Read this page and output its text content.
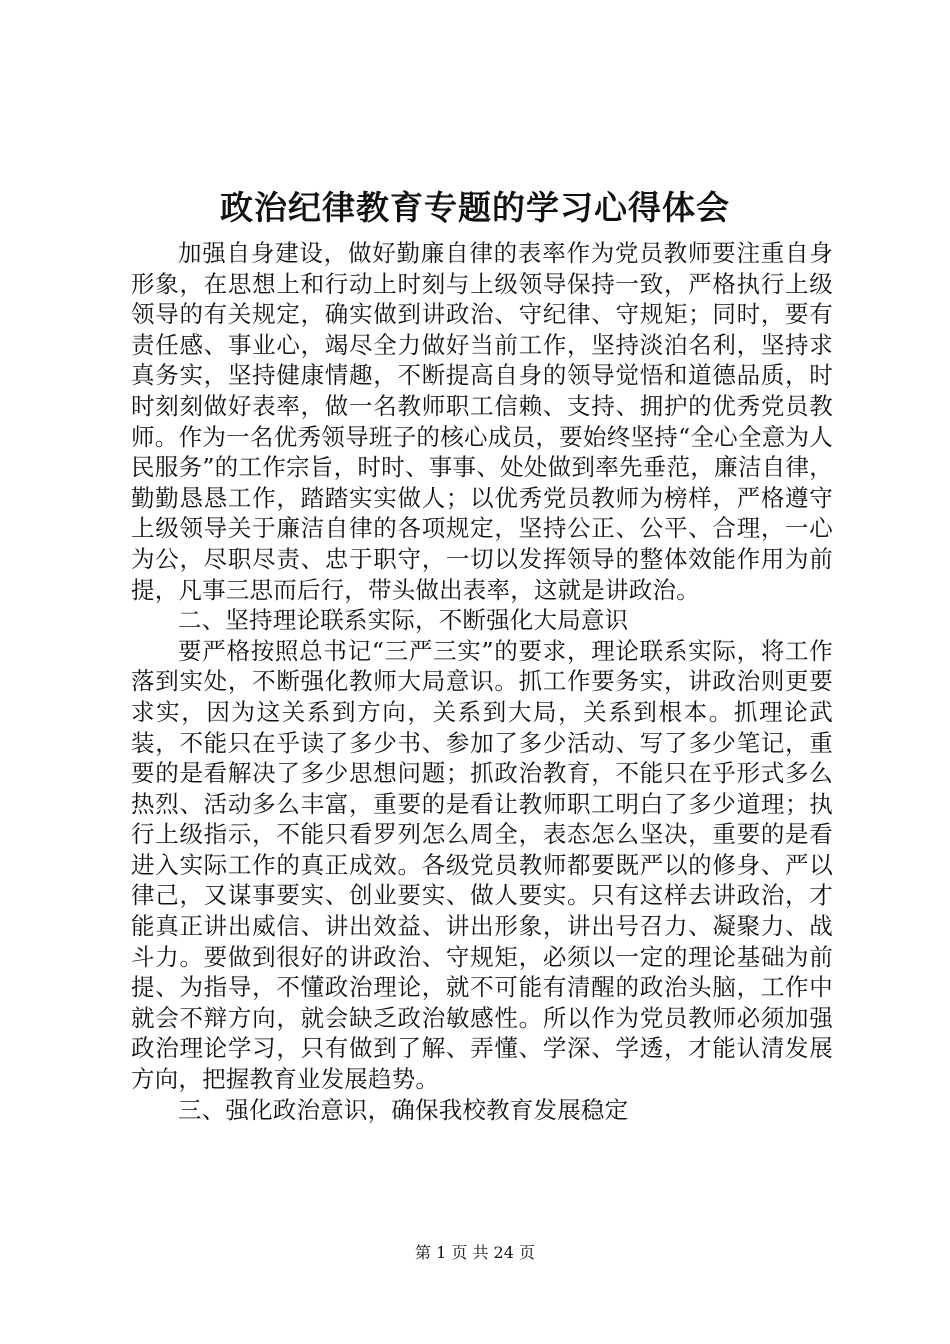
政治纪律教育专题的学习心得体会

加强自身建设，做好勤廉自律的表率作为党员教师要注重自身形象，在思想上和行动上时刻与上级领导保持一致，严格执行上级领导的有关规定，确实做到讲政治、守纪律、守规矩；同时，要有责任感、事业心，竭尽全力做好当前工作，坚持淡泊名利，坚持求真务实，坚持健康情趣，不断提高自身的领导觉悟和道德品质，时时刻刻做好表率，做一名教师职工信赖、支持、拥护的优秀党员教师。作为一名优秀领导班子的核心成员，要始终坚持“全心全意为人民服务”的工作宗旨，时时、事事、处处做到率先垂范，廉洁自律，勤勤恳恳工作，踏踏实实做人；以优秀党员教师为榜样，严格遵守上级领导关于廉洁自律的各项规定，坚持公正、公平、合理，一心为公，尽职尽责、忠于职守，一切以发挥领导的整体效能作用为前提，凡事三思而后行，带头做出表率，这就是讲政治。

二、坚持理论联系实际，不断强化大局意识

要严格按照总书记“三严三实”的要求，理论联系实际，将工作落到实处，不断强化教师大局意识。抓工作要务实，讲政治则更要求实，因为这关系到方向，关系到大局，关系到根本。抓理论武装，不能只在乎读了多少书、参加了多少活动、写了多少笔记，重要的是看解决了多少思想问题；抓政治教育，不能只在乎形式多么热烈、活动多么丰富，重要的是看让教师职工明白了多少道理；执行上级指示，不能只看罗列怎么周全，表态怎么坚决，重要的是看进入实际工作的真正成效。各级党员教师都要既严以的修身、严以律己，又谋事要实、创业要实、做人要实。只有这样去讲政治，才能真正讲出威信、讲出效益、讲出形象，讲出号召力、凝聚力、战斗力。要做到很好的讲政治、守规矩，必须以一定的理论基础为前提、为指导，不懂政治理论，就不可能有清醒的政治头脑，工作中就会不辩方向，就会缺乏政治敏感性。所以作为党员教师必须加强政治理论学习，只有做到了解、弄懂、学深、学透，才能认清发展方向，把握教育业发展趋势。

三、强化政治意识，确保我校教育发展稳定

第 1 页 共 24 页
